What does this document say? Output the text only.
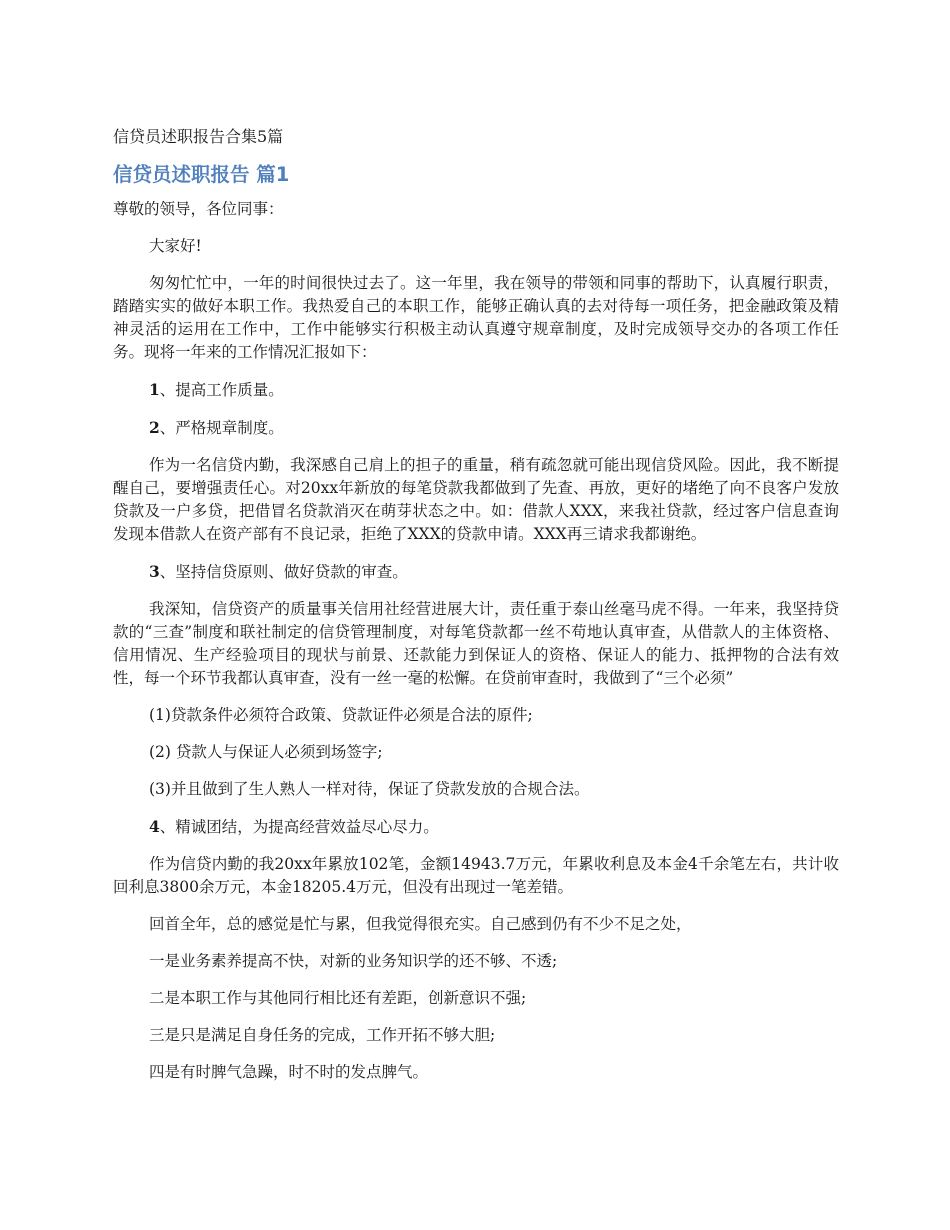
信贷员述职报告合集5篇
信贷员述职报告 篇1
尊敬的领导，各位同事：
大家好!
匆匆忙忙中，一年的时间很快过去了。这一年里，我在领导的带领和同事的帮助下，认真履行职责，踏踏实实的做好本职工作。我热爱自己的本职工作，能够正确认真的去对待每一项任务，把金融政策及精神灵活的运用在工作中，工作中能够实行积极主动认真遵守规章制度，及时完成领导交办的各项工作任务。现将一年来的工作情况汇报如下：
1、提高工作质量。
2、严格规章制度。
作为一名信贷内勤，我深感自己肩上的担子的重量，稍有疏忽就可能出现信贷风险。因此，我不断提醒自己，要增强责任心。对20xx年新放的每笔贷款我都做到了先查、再放，更好的堵绝了向不良客户发放贷款及一户多贷，把借冒名贷款消灭在萌芽状态之中。如：借款人XXX，来我社贷款，经过客户信息查询发现本借款人在资产部有不良记录，拒绝了XXX的贷款申请。XXX再三请求我都谢绝。
3、坚持信贷原则、做好贷款的审查。
我深知，信贷资产的质量事关信用社经营进展大计，责任重于泰山丝毫马虎不得。一年来，我坚持贷款的“三查”制度和联社制定的信贷管理制度，对每笔贷款都一丝不苟地认真审查，从借款人的主体资格、信用情况、生产经验项目的现状与前景、还款能力到保证人的资格、保证人的能力、抵押物的合法有效性，每一个环节我都认真审查，没有一丝一毫的松懈。在贷前审查时，我做到了“三个必须”
(1)贷款条件必须符合政策、贷款证件必须是合法的原件;
(2) 贷款人与保证人必须到场签字;
(3)并且做到了生人熟人一样对待，保证了贷款发放的合规合法。
4、精诚团结，为提高经营效益尽心尽力。
作为信贷内勤的我20xx年累放102笔，金额14943.7万元，年累收利息及本金4千余笔左右，共计收回利息3800余万元，本金18205.4万元，但没有出现过一笔差错。
回首全年，总的感觉是忙与累，但我觉得很充实。自己感到仍有不少不足之处，
一是业务素养提高不快，对新的业务知识学的还不够、不透;
二是本职工作与其他同行相比还有差距，创新意识不强;
三是只是满足自身任务的完成，工作开拓不够大胆;
四是有时脾气急躁，时不时的发点脾气。
